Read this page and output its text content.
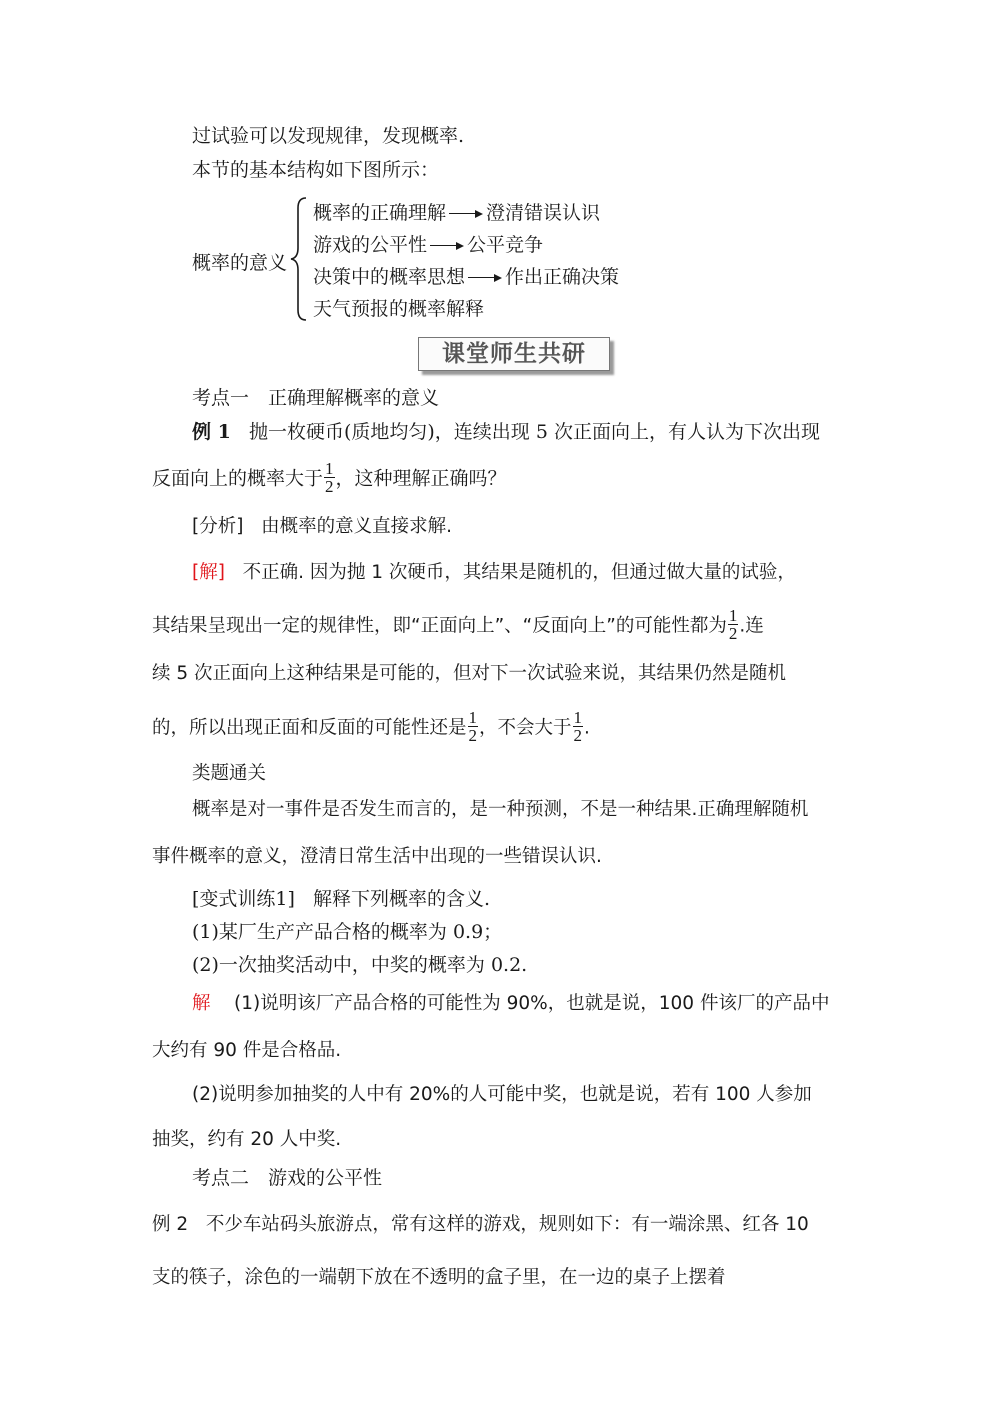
过试验可以发现规律，发现概率.
本节的基本结构如下图所示：
概率的意义
概率的正确理解 澄清错误认识
游戏的公平性 公平竞争
决策中的概率思想 作出正确决策
天气预报的概率解释
课堂师生共研
考点一　正确理解概率的意义
例 1 抛一枚硬币(质地均匀)，连续出现 5 次正面向上，有人认为下次出现
反面向上的概率大于 $\frac{1}{2}$ ，这种理解正确吗？
[分析] 由概率的意义直接求解.
[解] 不正确. 因为抛 1 次硬币，其结果是随机的，但通过做大量的试验，
其结果呈现出一定的规律性，即“正面向上”、“反面向上”的可能性都为 $\frac{1}{2}$ .连
续 5 次正面向上这种结果是可能的，但对下一次试验来说，其结果仍然是随机
的，所以出现正面和反面的可能性还是 $\frac{1}{2}$ ，不会大于 $\frac{1}{2}$ .
类题通关
概率是对一事件是否发生而言的，是一种预测，不是一种结果.正确理解随机
事件概率的意义，澄清日常生活中出现的一些错误认识.
[变式训练1] 解释下列概率的含义.
(1)某厂生产产品合格的概率为 0.9；
(2)一次抽奖活动中，中奖的概率为 0.2.
解 (1)说明该厂产品合格的可能性为 90%，也就是说，100 件该厂的产品中
大约有 90 件是合格品.
(2)说明参加抽奖的人中有 20%的人可能中奖，也就是说，若有 100 人参加
抽奖，约有 20 人中奖.
考点二　游戏的公平性
例 2 不少车站码头旅游点，常有这样的游戏，规则如下：有一端涂黑、红各 10
支的筷子，涂色的一端朝下放在不透明的盒子里，在一边的桌子上摆着
